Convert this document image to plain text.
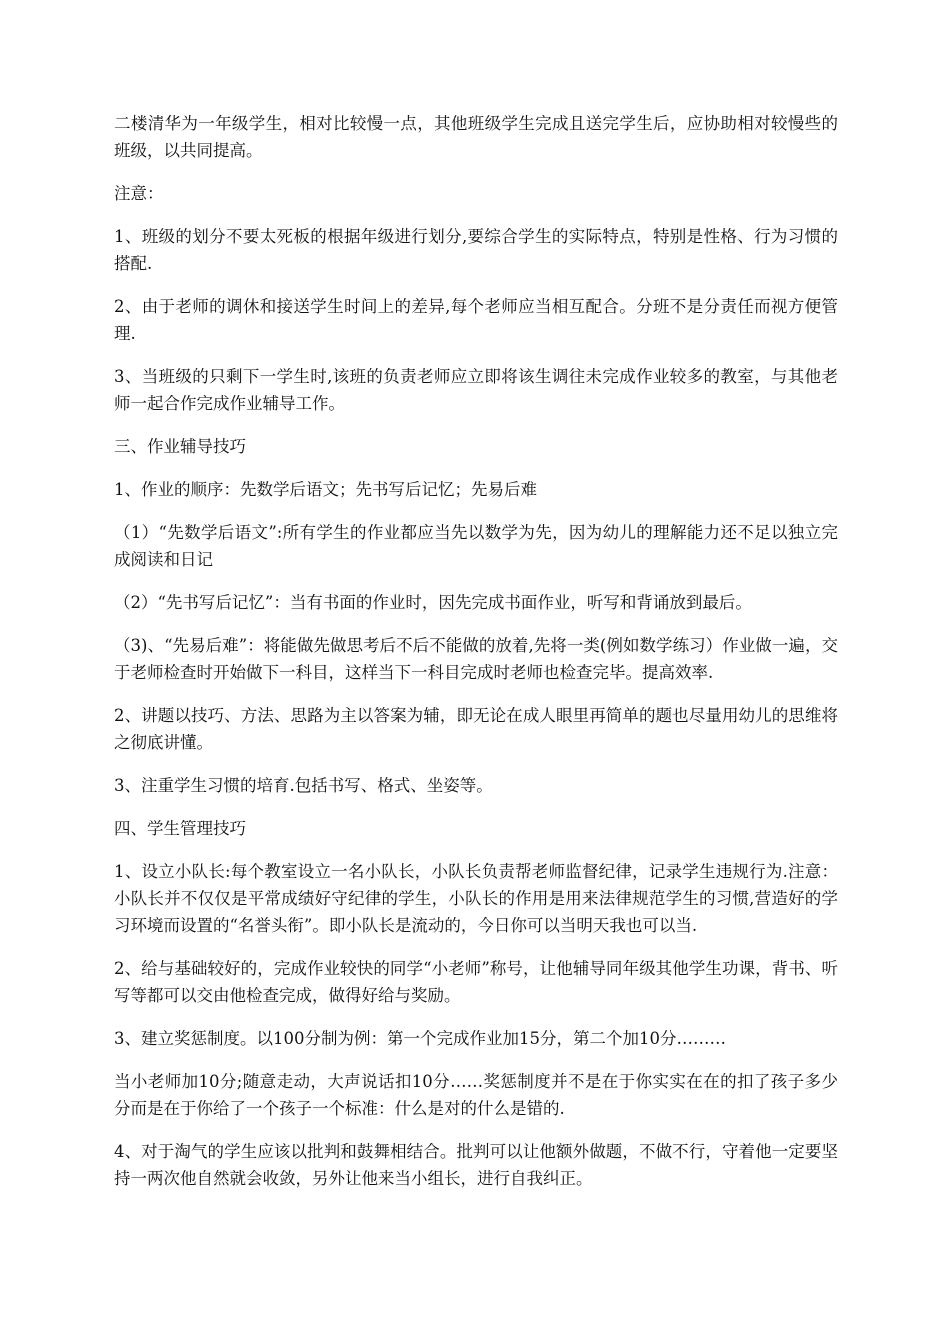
二楼清华为一年级学生，相对比较慢一点，其他班级学生完成且送完学生后，应协助相对较慢些的班级，以共同提高。

注意：

1、班级的划分不要太死板的根据年级进行划分,要综合学生的实际特点，特别是性格、行为习惯的搭配.

2、由于老师的调休和接送学生时间上的差异,每个老师应当相互配合。分班不是分责任而视方便管理.

3、当班级的只剩下一学生时,该班的负责老师应立即将该生调往未完成作业较多的教室，与其他老师一起合作完成作业辅导工作。

三、作业辅导技巧

1、作业的顺序：先数学后语文；先书写后记忆；先易后难

（1）“先数学后语文”:所有学生的作业都应当先以数学为先，因为幼儿的理解能力还不足以独立完成阅读和日记

（2）“先书写后记忆”：当有书面的作业时，因先完成书面作业，听写和背诵放到最后。

（3)、“先易后难”：将能做先做思考后不后不能做的放着,先将一类(例如数学练习）作业做一遍，交于老师检查时开始做下一科目，这样当下一科目完成时老师也检查完毕。提高效率.

2、讲题以技巧、方法、思路为主以答案为辅，即无论在成人眼里再简单的题也尽量用幼儿的思维将之彻底讲懂。

3、注重学生习惯的培育.包括书写、格式、坐姿等。

四、学生管理技巧

1、设立小队长:每个教室设立一名小队长，小队长负责帮老师监督纪律，记录学生违规行为.注意：小队长并不仅仅是平常成绩好守纪律的学生，小队长的作用是用来法律规范学生的习惯,营造好的学习环境而设置的“名誉头衔”。即小队长是流动的，今日你可以当明天我也可以当.

2、给与基础较好的，完成作业较快的同学“小老师”称号，让他辅导同年级其他学生功课，背书、听写等都可以交由他检查完成，做得好给与奖励。

3、建立奖惩制度。以100分制为例：第一个完成作业加15分，第二个加10分………

当小老师加10分;随意走动，大声说话扣10分……奖惩制度并不是在于你实实在在的扣了孩子多少分而是在于你给了一个孩子一个标准：什么是对的什么是错的.

4、对于淘气的学生应该以批判和鼓舞相结合。批判可以让他额外做题，不做不行，守着他一定要坚持一两次他自然就会收敛，另外让他来当小组长，进行自我纠正。
